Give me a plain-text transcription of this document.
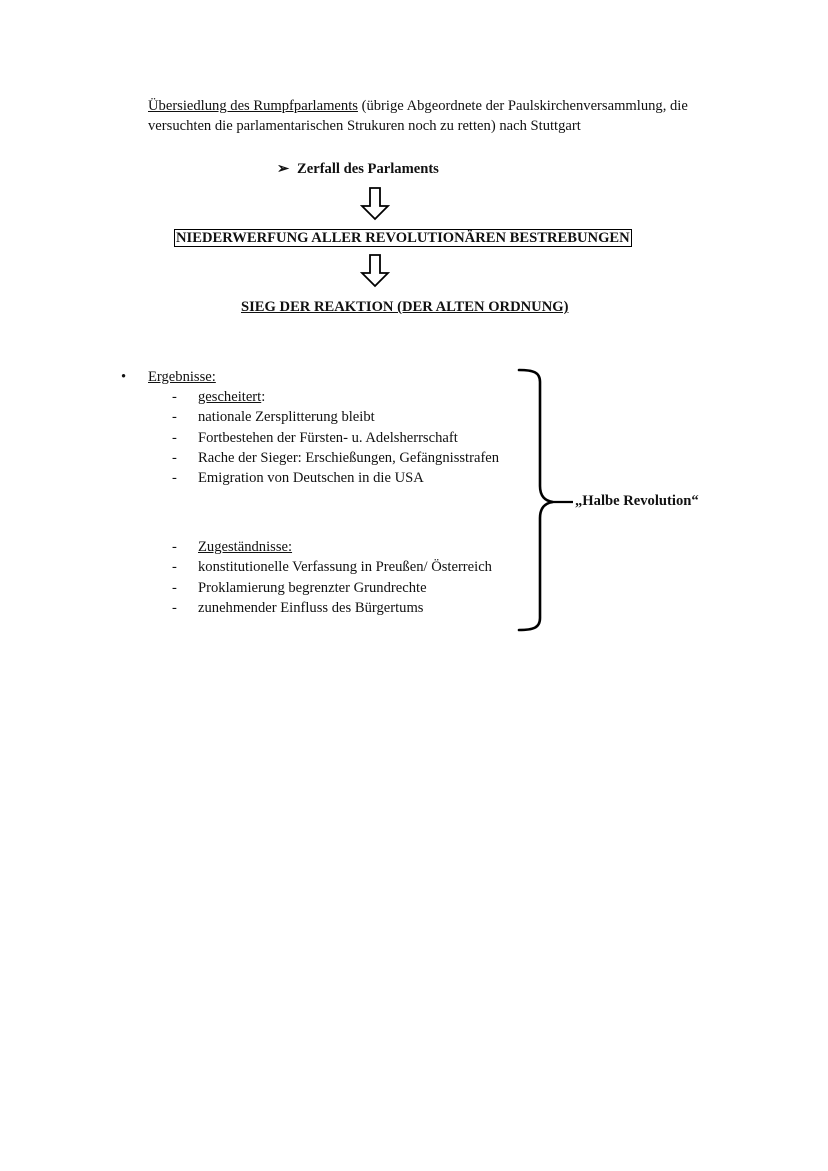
Übersiedlung des Rumpfparlaments (übrige Abgeordnete der Paulskirchenversammlung, die

versuchten die parlamentarischen Strukuren noch zu retten) nach Stuttgart

➢ Zerfall des Parlaments
NIEDERWERFUNG ALLER REVOLUTIONÄREN BESTREBUNGEN
SIEG DER REAKTION (DER ALTEN ORDNUNG)
• Ergebnisse:
- gescheitert:
- nationale Zersplitterung bleibt
- Fortbestehen der Fürsten- u. Adelsherrschaft
- Rache der Sieger: Erschießungen, Gefängnisstrafen
- Emigration von Deutschen in die USA
- Zugeständnisse:
- konstitutionelle Verfassung in Preußen/ Österreich
- Proklamierung begrenzter Grundrechte
- zunehmender Einfluss des Bürgertums
„Halbe Revolution“
